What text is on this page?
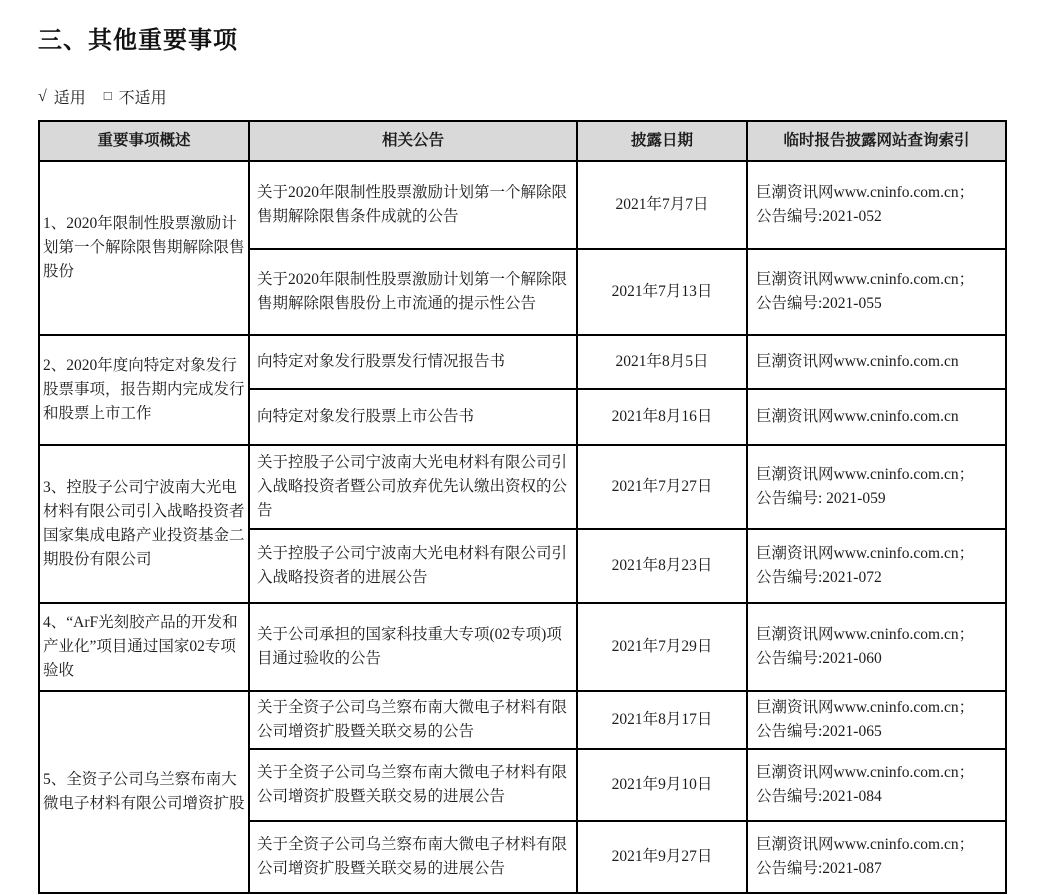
三、其他重要事项
√ 适用 □ 不适用
重要事项概述	相关公告	披露日期	临时报告披露网站查询索引
1、2020年限制性股票激励计划第一个解除限售期解除限售股份	关于2020年限制性股票激励计划第一个解除限售期解除限售条件成就的公告	2021年7月7日	巨潮资讯网www.cninfo.com.cn；
公告编号:2021-052

	关于2020年限制性股票激励计划第一个解除限售期解除限售股份上市流通的提示性公告	2021年7月13日	巨潮资讯网www.cninfo.com.cn；
公告编号:2021-055

2、2020年度向特定对象发行股票事项，报告期内完成发行和股票上市工作	向特定对象发行股票发行情况报告书	2021年8月5日	巨潮资讯网www.cninfo.com.cn

	向特定对象发行股票上市公告书	2021年8月16日	巨潮资讯网www.cninfo.com.cn

3、控股子公司宁波南大光电材料有限公司引入战略投资者国家集成电路产业投资基金二期股份有限公司	关于控股子公司宁波南大光电材料有限公司引入战略投资者暨公司放弃优先认缴出资权的公告	2021年7月27日	巨潮资讯网www.cninfo.com.cn；
公告编号: 2021-059

	关于控股子公司宁波南大光电材料有限公司引入战略投资者的进展公告	2021年8月23日	巨潮资讯网www.cninfo.com.cn；
公告编号:2021-072

4、“ArF光刻胶产品的开发和产业化”项目通过国家02专项验收	关于公司承担的国家科技重大专项(02专项)项目通过验收的公告	2021年7月29日	巨潮资讯网www.cninfo.com.cn；
公告编号:2021-060

5、全资子公司乌兰察布南大微电子材料有限公司增资扩股	关于全资子公司乌兰察布南大微电子材料有限公司增资扩股暨关联交易的公告	2021年8月17日	巨潮资讯网www.cninfo.com.cn；
公告编号:2021-065

	关于全资子公司乌兰察布南大微电子材料有限公司增资扩股暨关联交易的进展公告	2021年9月10日	巨潮资讯网www.cninfo.com.cn；
公告编号:2021-084

	关于全资子公司乌兰察布南大微电子材料有限公司增资扩股暨关联交易的进展公告	2021年9月27日	巨潮资讯网www.cninfo.com.cn；
公告编号:2021-087
